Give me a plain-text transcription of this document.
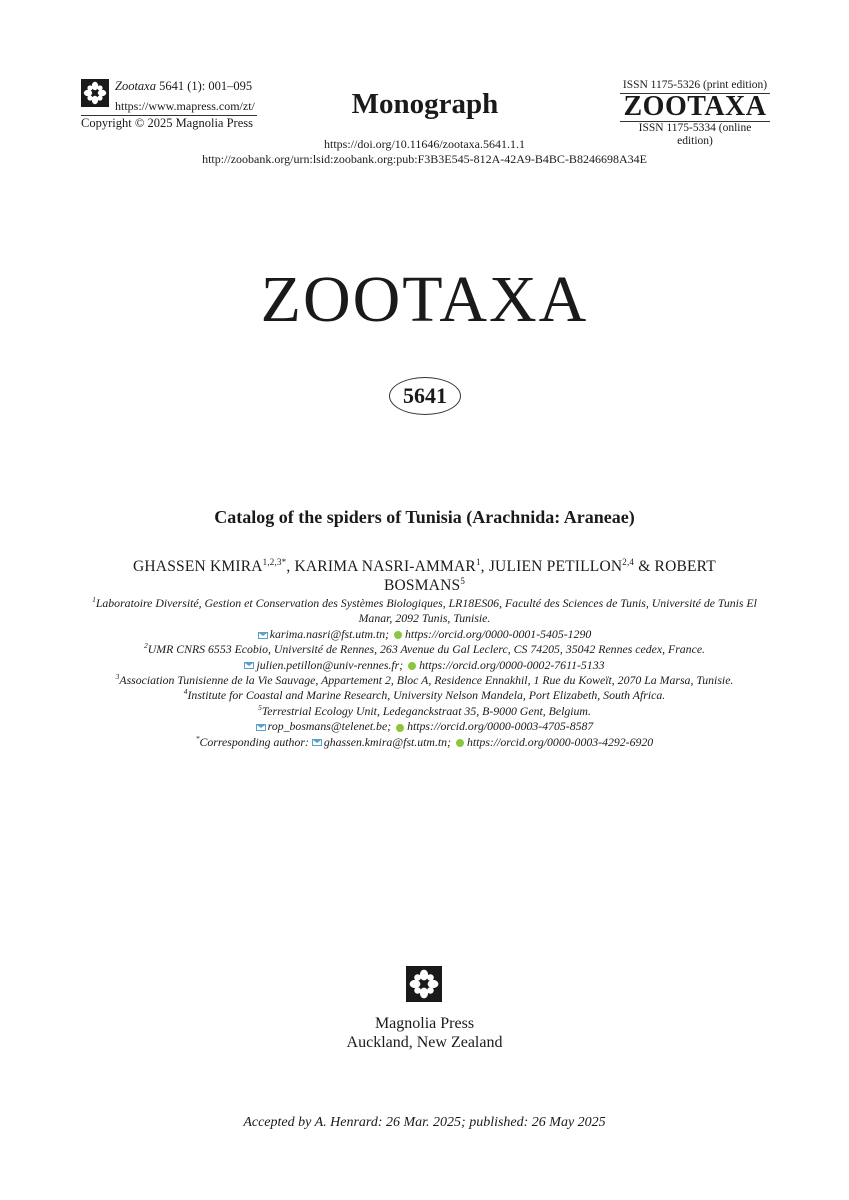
Zootaxa 5641 (1): 001–095
https://www.mapress.com/zt/
Copyright © 2025 Magnolia Press
Monograph
ISSN 1175-5326 (print edition)
ZOOTAXA
ISSN 1175-5334 (online edition)
https://doi.org/10.11646/zootaxa.5641.1.1
http://zoobank.org/urn:lsid:zoobank.org:pub:F3B3E545-812A-42A9-B4BC-B8246698A34E
ZOOTAXA
5641
Catalog of the spiders of Tunisia (Arachnida: Araneae)
GHASSEN $KMIRA^{1,2,3*}$, KARIMA NASRI-AMMAR$^1$, JULIEN PETILLON$^{2,4}$ & ROBERT BOSMANS$^5$
$^1$Laboratoire Diversité, Gestion et Conservation des Systèmes Biologiques, LR18ES06, Faculté des Sciences de Tunis, Université de Tunis El Manar, 2092 Tunis, Tunisie.
karima.nasri@fst.utm.tn; https://orcid.org/0000-0001-5405-1290
$^2$UMR CNRS 6553 Ecobio, Université de Rennes, 263 Avenue du Gal Leclerc, CS 74205, 35042 Rennes cedex, France.
julien.petillon@univ-rennes.fr; https://orcid.org/0000-0002-7611-5133
$^3$Association Tunisienne de la Vie Sauvage, Appartement 2, Bloc A, Residence Ennakhil, 1 Rue du Koweït, 2070 La Marsa, Tunisie.
$^4$Institute for Coastal and Marine Research, University Nelson Mandela, Port Elizabeth, South Africa.
$^5$Terrestrial Ecology Unit, Ledeganckstraat 35, B-9000 Gent, Belgium.
rop_bosmans@telenet.be; https://orcid.org/0000-0003-4705-8587
*Corresponding author: ghassen.kmira@fst.utm.tn; https://orcid.org/0000-0003-4292-6920
Magnolia Press
Auckland, New Zealand
Accepted by A. Henrard: 26 Mar. 2025; published: 26 May 2025
